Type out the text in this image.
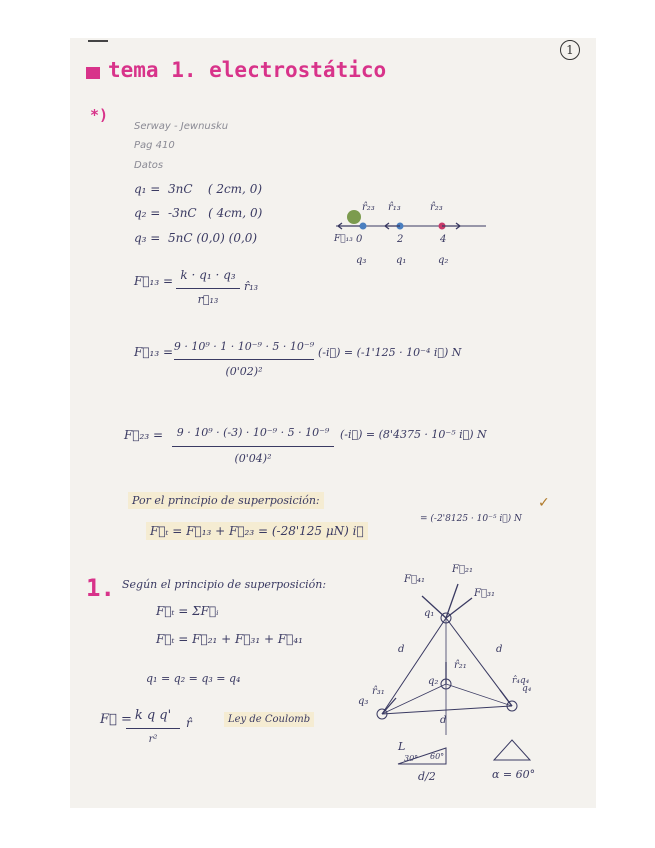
1
tema 1. electrostático
*)
Serway - Jewnusku
Pag 410
Datos
q₁ = 3nC ( 2cm, 0)
q₂ = -3nC ( 4cm, 0)
q₃ = 5nC (0,0) (0,0)	0	2	4
q₃	q₁	q₂
r̂₂₃ r̂₁₃	r̂₂₃
F⃗₁₃
F⃗₁₃ = k · q₁ · q₃
r⃗₁₃
r̂₁₃
F⃗₁₃ = 9 · 10⁹ · 1 · 10⁻⁹ · 5 · 10⁻⁹
(0'02)²
(-i⃗) = (-1'125 · 10⁻⁴ i⃗) N
F⃗₂₃ =	9 · 10⁹ · (-3) · 10⁻⁹ · 5 · 10⁻⁹
(0'04)²
(-i⃗) = (8'4375 · 10⁻⁵ i⃗) N
Por el principio de superposición:
F⃗ₜ = F⃗₁₃ + F⃗₂₃ = (-28'125 μN) i⃗
= (-2'8125 · 10⁻⁵ i⃗) N
✓
1. Según el principio de superposición:
F⃗ₜ = ΣF⃗ᵢ
F⃗ₜ = F⃗₂₁ + F⃗₃₁ + F⃗₄₁
q₁ = q₂ = q₃ = q₄
F⃗ = k q q'
r²
r̂	Ley de Coulomb
F⃗₄₁
F⃗₂₁
F⃗₃₁
q₁
q₂
q₃
q₄
r̂₂₁
r̂₃₁
r̂₄q₄
d	d
d
L
30° 60°
d/2	α = 60°
